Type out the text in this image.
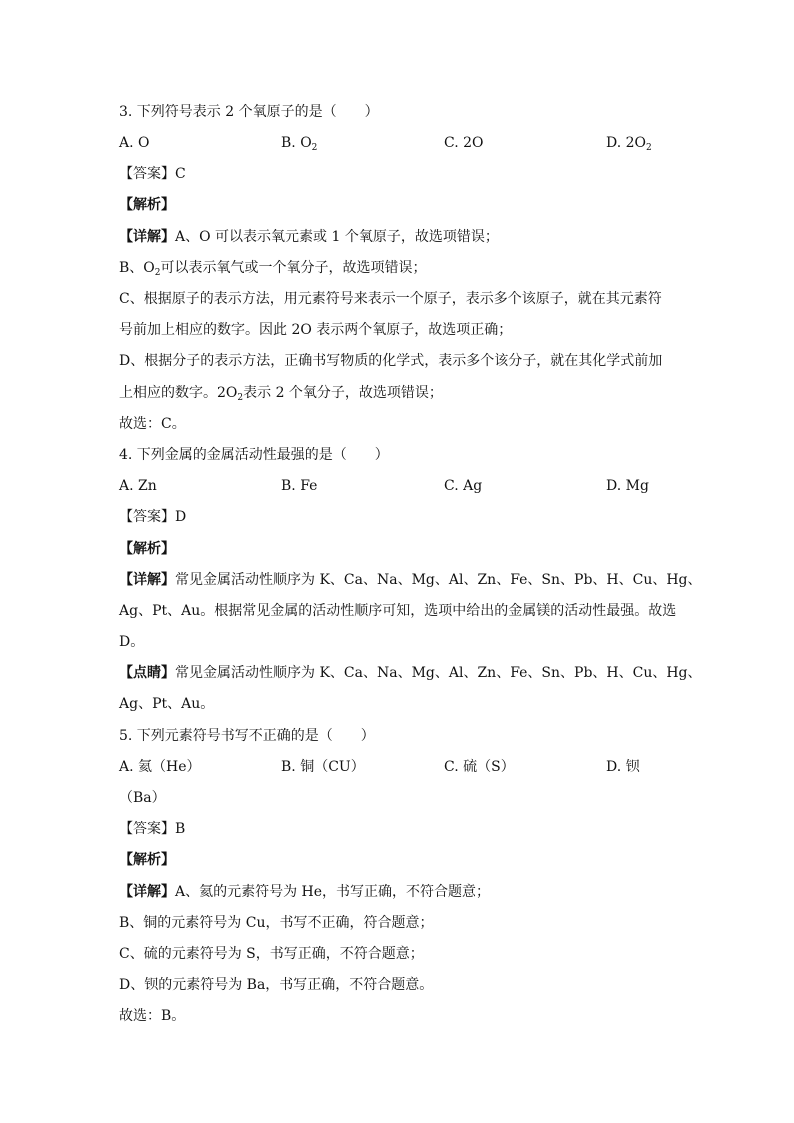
3. 下列符号表示 2 个氧原子的是（　　）
A. O	B. $O_2$	C. 2O	D. $2O_2$
【答案】C
【解析】
【详解】A、O 可以表示氧元素或 1 个氧原子，故选项错误；
B、$O_2$可以表示氧气或一个氧分子，故选项错误；
C、根据原子的表示方法，用元素符号来表示一个原子，表示多个该原子，就在其元素符
号前加上相应的数字。因此 2O 表示两个氧原子，故选项正确；
D、根据分子的表示方法，正确书写物质的化学式，表示多个该分子，就在其化学式前加
上相应的数字。$2O_2$表示 2 个氧分子，故选项错误；
故选：C。
4. 下列金属的金属活动性最强的是（　　）
A. Zn	B. Fe	C. Ag	D. Mg
【答案】D
【解析】
【详解】常见金属活动性顺序为 K、Ca、Na、Mg、Al、Zn、Fe、Sn、Pb、H、Cu、Hg、
Ag、Pt、Au。根据常见金属的活动性顺序可知，选项中给出的金属镁的活动性最强。故选
D。
【点睛】常见金属活动性顺序为 K、Ca、Na、Mg、Al、Zn、Fe、Sn、Pb、H、Cu、Hg、
Ag、Pt、Au。
5. 下列元素符号书写不正确的是（　　）
A. 氦（He）	B. 铜（CU）	C. 硫（S）	D. 钡
（Ba）
【答案】B
【解析】
【详解】A、氦的元素符号为 He，书写正确，不符合题意；
B、铜的元素符号为 Cu，书写不正确，符合题意；
C、硫的元素符号为 S，书写正确，不符合题意；
D、钡的元素符号为 Ba，书写正确，不符合题意。
故选：B。
